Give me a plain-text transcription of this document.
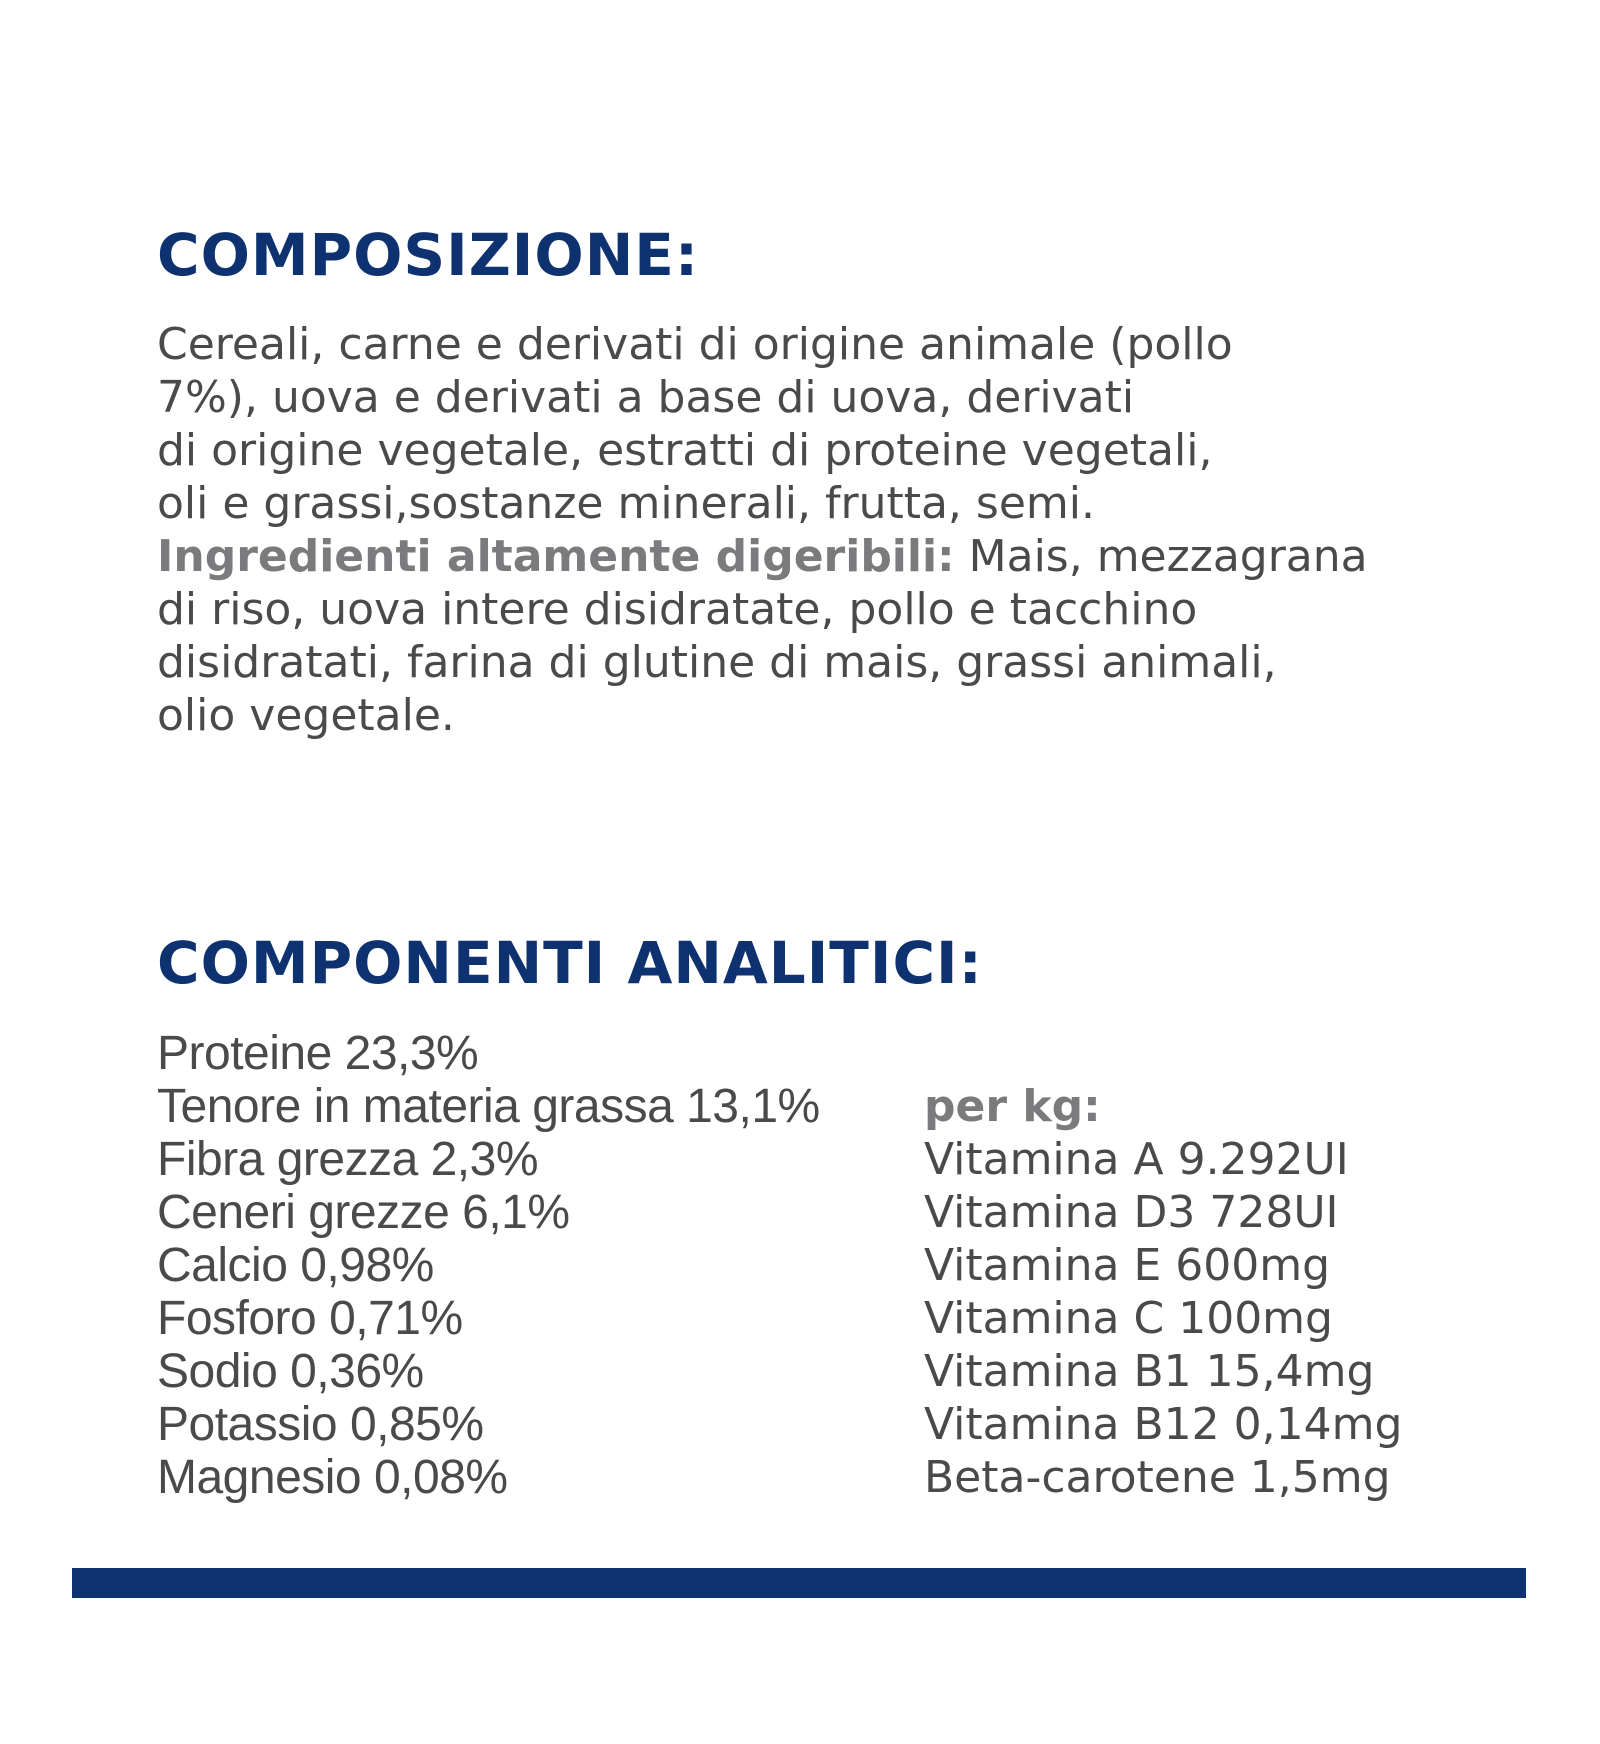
COMPOSIZIONE:

Cereali, carne e derivati di origine animale (pollo
7%), uova e derivati a base di uova, derivati
di origine vegetale, estratti di proteine vegetali,
oli e grassi,sostanze minerali, frutta, semi.
Ingredienti altamente digeribili: Mais, mezzagrana
di riso, uova intere disidratate, pollo e tacchino
disidratati, farina di glutine di mais, grassi animali,
olio vegetale.

COMPONENTI ANALITICI:
Proteine 23,3%
Tenore in materia grassa 13,1%
Fibra grezza 2,3%
Ceneri grezze 6,1%
Calcio 0,98%
Fosforo 0,71%
Sodio 0,36%
Potassio 0,85%
Magnesio 0,08%
per kg:
Vitamina A 9.292UI
Vitamina D3 728UI
Vitamina E 600mg
Vitamina C 100mg
Vitamina B1 15,4mg
Vitamina B12 0,14mg
Beta-carotene 1,5mg
